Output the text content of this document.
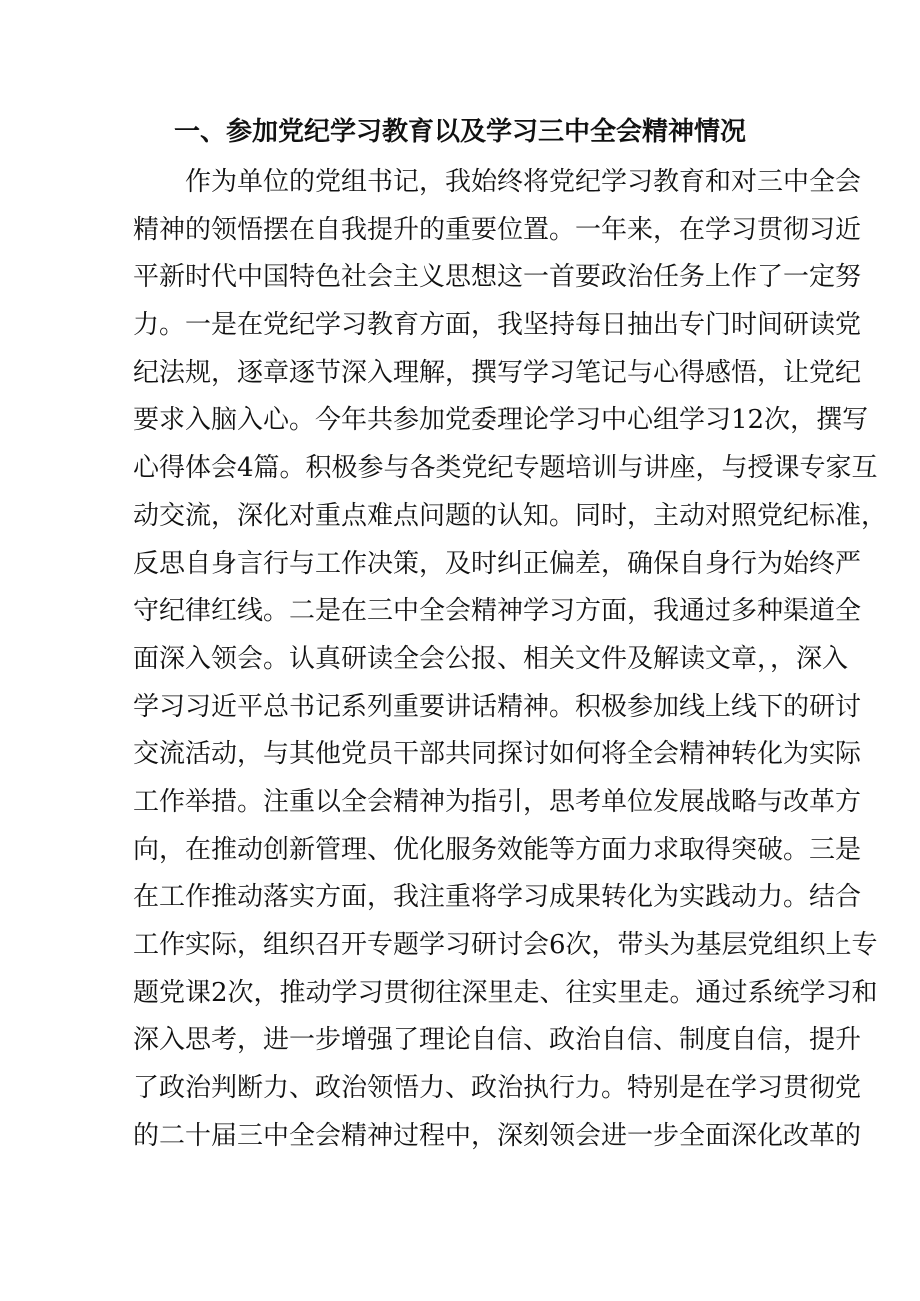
一、参加党纪学习教育以及学习三中全会精神情况
作为单位的党组书记，我始终将党纪学习教育和对三中全会
精神的领悟摆在自我提升的重要位置。一年来，在学习贯彻习近
平新时代中国特色社会主义思想这一首要政治任务上作了一定努
力。一是在党纪学习教育方面，我坚持每日抽出专门时间研读党
纪法规，逐章逐节深入理解，撰写学习笔记与心得感悟，让党纪
要求入脑入心。今年共参加党委理论学习中心组学习12次，撰写
心得体会4篇。积极参与各类党纪专题培训与讲座，与授课专家互
动交流，深化对重点难点问题的认知。同时，主动对照党纪标准，
反思自身言行与工作决策，及时纠正偏差，确保自身行为始终严
守纪律红线。二是在三中全会精神学习方面，我通过多种渠道全
面深入领会。认真研读全会公报、相关文件及解读文章，，深入
学习习近平总书记系列重要讲话精神。积极参加线上线下的研讨
交流活动，与其他党员干部共同探讨如何将全会精神转化为实际
工作举措。注重以全会精神为指引，思考单位发展战略与改革方
向，在推动创新管理、优化服务效能等方面力求取得突破。三是
在工作推动落实方面，我注重将学习成果转化为实践动力。结合
工作实际，组织召开专题学习研讨会6次，带头为基层党组织上专
题党课2次，推动学习贯彻往深里走、往实里走。通过系统学习和
深入思考，进一步增强了理论自信、政治自信、制度自信，提升
了政治判断力、政治领悟力、政治执行力。特别是在学习贯彻党
的二十届三中全会精神过程中，深刻领会进一步全面深化改革的
